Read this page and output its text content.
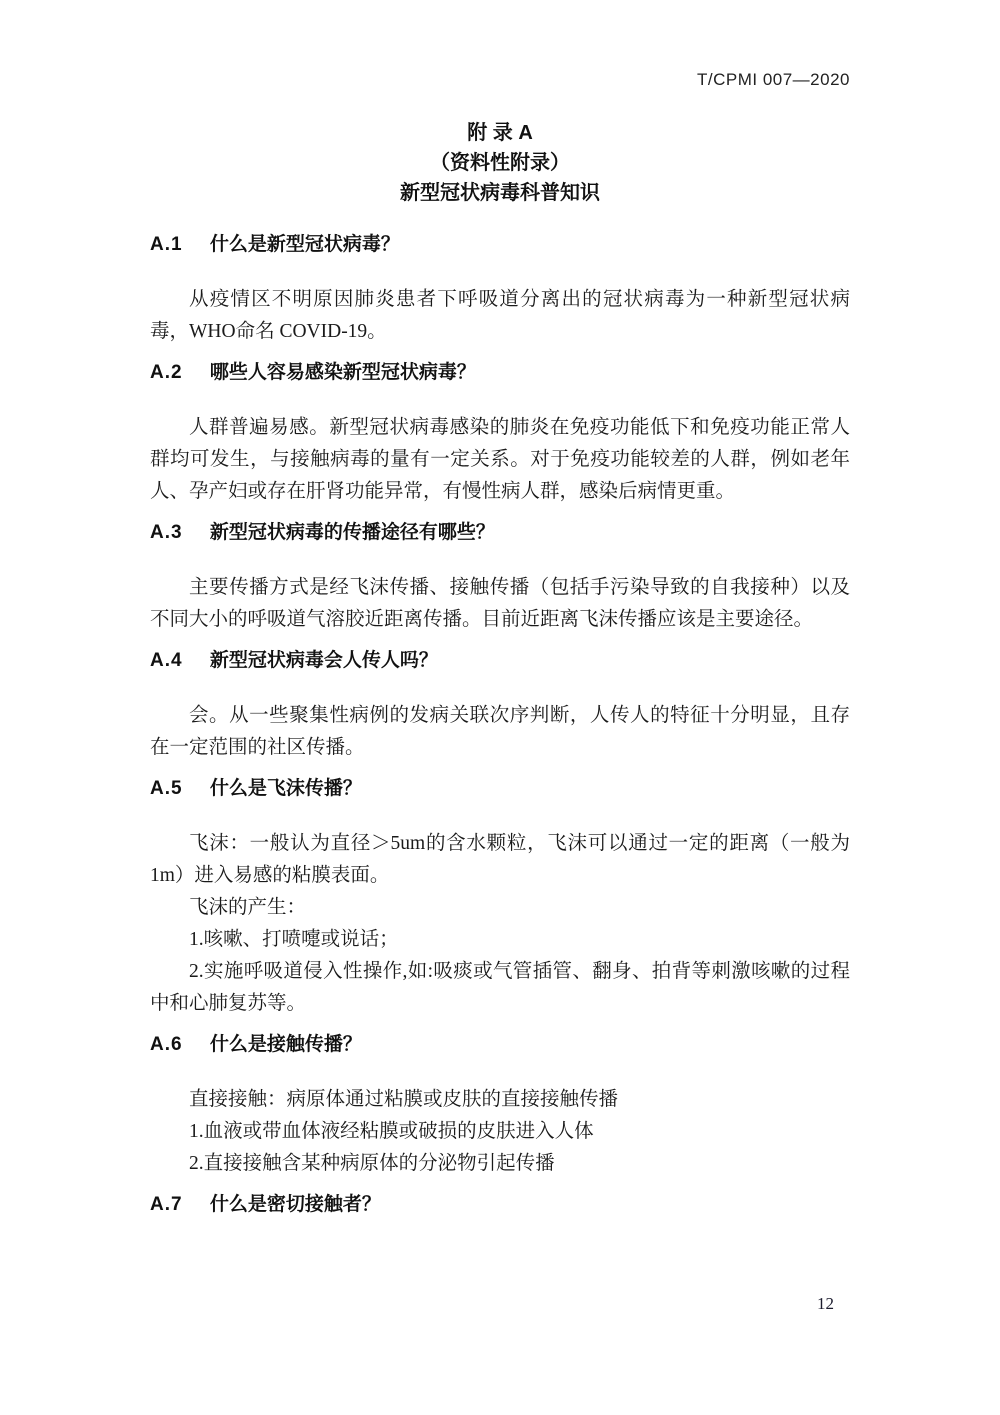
T/CPMI 007—2020
附 录 A
（资料性附录）
新型冠状病毒科普知识
A.1 什么是新型冠状病毒？

从疫情区不明原因肺炎患者下呼吸道分离出的冠状病毒为一种新型冠状病毒，WHO命名 COVID-19。

A.2 哪些人容易感染新型冠状病毒？

人群普遍易感。新型冠状病毒感染的肺炎在免疫功能低下和免疫功能正常人群均可发生，与接触病毒的量有一定关系。对于免疫功能较差的人群，例如老年人、孕产妇或存在肝肾功能异常，有慢性病人群，感染后病情更重。

A.3 新型冠状病毒的传播途径有哪些？

主要传播方式是经飞沫传播、接触传播（包括手污染导致的自我接种）以及不同大小的呼吸道气溶胶近距离传播。目前近距离飞沫传播应该是主要途径。

A.4 新型冠状病毒会人传人吗？

会。从一些聚集性病例的发病关联次序判断，人传人的特征十分明显，且存在一定范围的社区传播。

A.5 什么是飞沫传播？

飞沫：一般认为直径＞5um的含水颗粒，飞沫可以通过一定的距离（一般为1m）进入易感的粘膜表面。

飞沫的产生：

1.咳嗽、打喷嚏或说话；

2.实施呼吸道侵入性操作,如:吸痰或气管插管、翻身、拍背等刺激咳嗽的过程中和心肺复苏等。

A.6 什么是接触传播？

直接接触：病原体通过粘膜或皮肤的直接接触传播

1.血液或带血体液经粘膜或破损的皮肤进入人体

2.直接接触含某种病原体的分泌物引起传播

A.7 什么是密切接触者？
12
